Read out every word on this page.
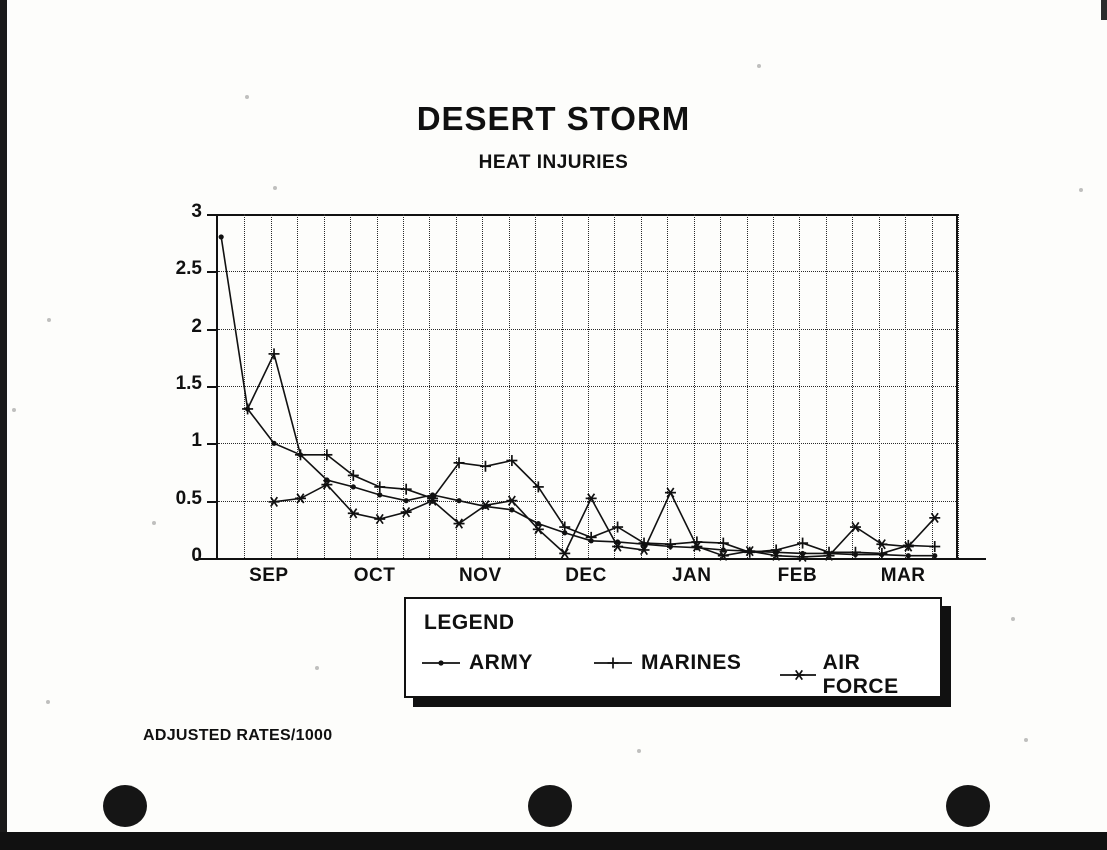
DESERT STORM
HEAT INJURIES
0
0.5
1
1.5
2
2.5
3
SEP	OCT	NOV	DEC	JAN	FEB	MAR
LEGEND
ARMY	MARINES	AIR FORCE
ADJUSTED RATES/1000
